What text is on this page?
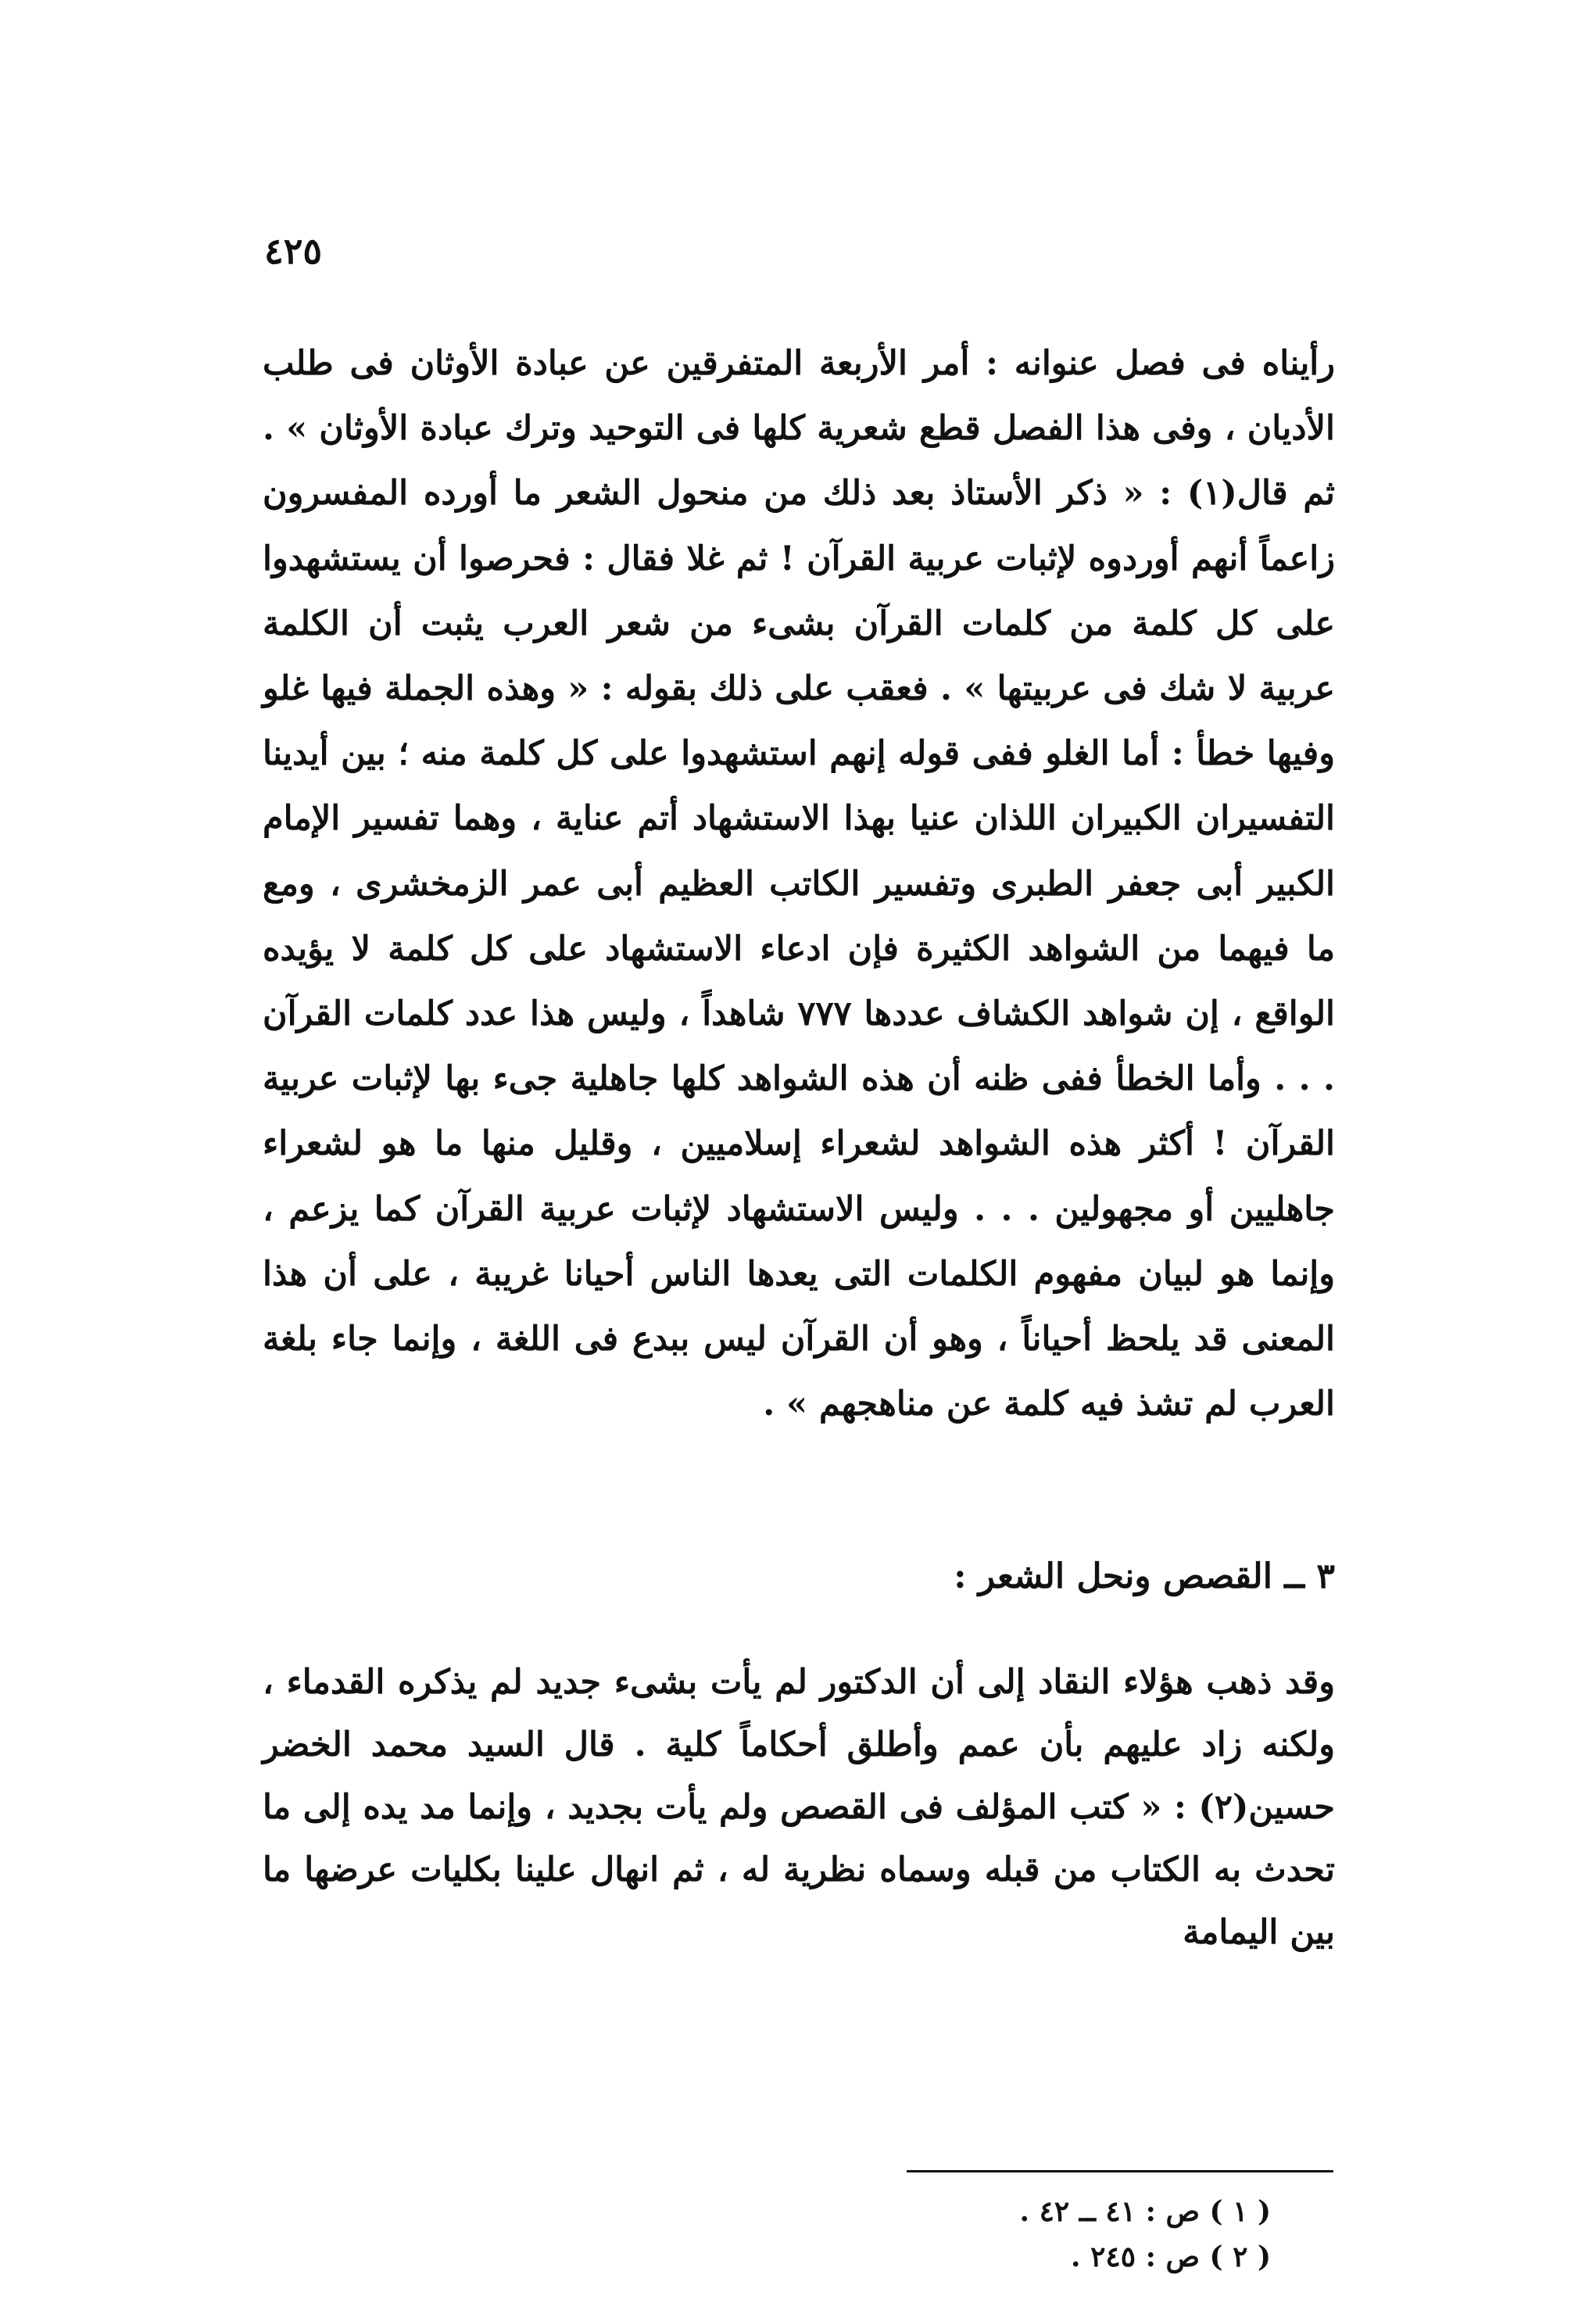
٤٢٥

رأيناه فى فصل عنوانه : أمر الأربعة المتفرقين عن عبادة الأوثان فى طلب الأديان ، وفى هذا الفصل قطع شعرية كلها فى التوحيد وترك عبادة الأوثان » . ثم قال(١) : « ذكر الأستاذ بعد ذلك من منحول الشعر ما أورده المفسرون زاعماً أنهم أوردوه لإثبات عربية القرآن ! ثم غلا فقال : فحرصوا أن يستشهدوا على كل كلمة من كلمات القرآن بشىء من شعر العرب يثبت أن الكلمة عربية لا شك فى عربيتها » . فعقب على ذلك بقوله : « وهذه الجملة فيها غلو وفيها خطأ : أما الغلو ففى قوله إنهم استشهدوا على كل كلمة منه ؛ بين أيدينا التفسيران الكبيران اللذان عنيا بهذا الاستشهاد أتم عناية ، وهما تفسير الإمام الكبير أبى جعفر الطبرى وتفسير الكاتب العظيم أبى عمر الزمخشرى ، ومع ما فيهما من الشواهد الكثيرة فإن ادعاء الاستشهاد على كل كلمة لا يؤيده الواقع ، إن شواهد الكشاف عددها ٧٧٧ شاهداً ، وليس هذا عدد كلمات القرآن . . . وأما الخطأ ففى ظنه أن هذه الشواهد كلها جاهلية جىء بها لإثبات عربية القرآن ! أكثر هذه الشواهد لشعراء إسلاميين ، وقليل منها ما هو لشعراء جاهليين أو مجهولين . . . وليس الاستشهاد لإثبات عربية القرآن كما يزعم ، وإنما هو لبيان مفهوم الكلمات التى يعدها الناس أحيانا غريبة ، على أن هذا المعنى قد يلحظ أحياناً ، وهو أن القرآن ليس ببدع فى اللغة ، وإنما جاء بلغة العرب لم تشذ فيه كلمة عن مناهجهم » .

٣ ــ القصص ونحل الشعر :

وقد ذهب هؤلاء النقاد إلى أن الدكتور لم يأت بشىء جديد لم يذكره القدماء ، ولكنه زاد عليهم بأن عمم وأطلق أحكاماً كلية . قال السيد محمد الخضر حسين(٢) : « كتب المؤلف فى القصص ولم يأت بجديد ، وإنما مد يده إلى ما تحدث به الكتاب من قبله وسماه نظرية له ، ثم انهال علينا بكليات عرضها ما بين اليمامة

( ١ ) ص : ٤١ ــ ٤٢ .
( ٢ ) ص : ٢٤٥ .
